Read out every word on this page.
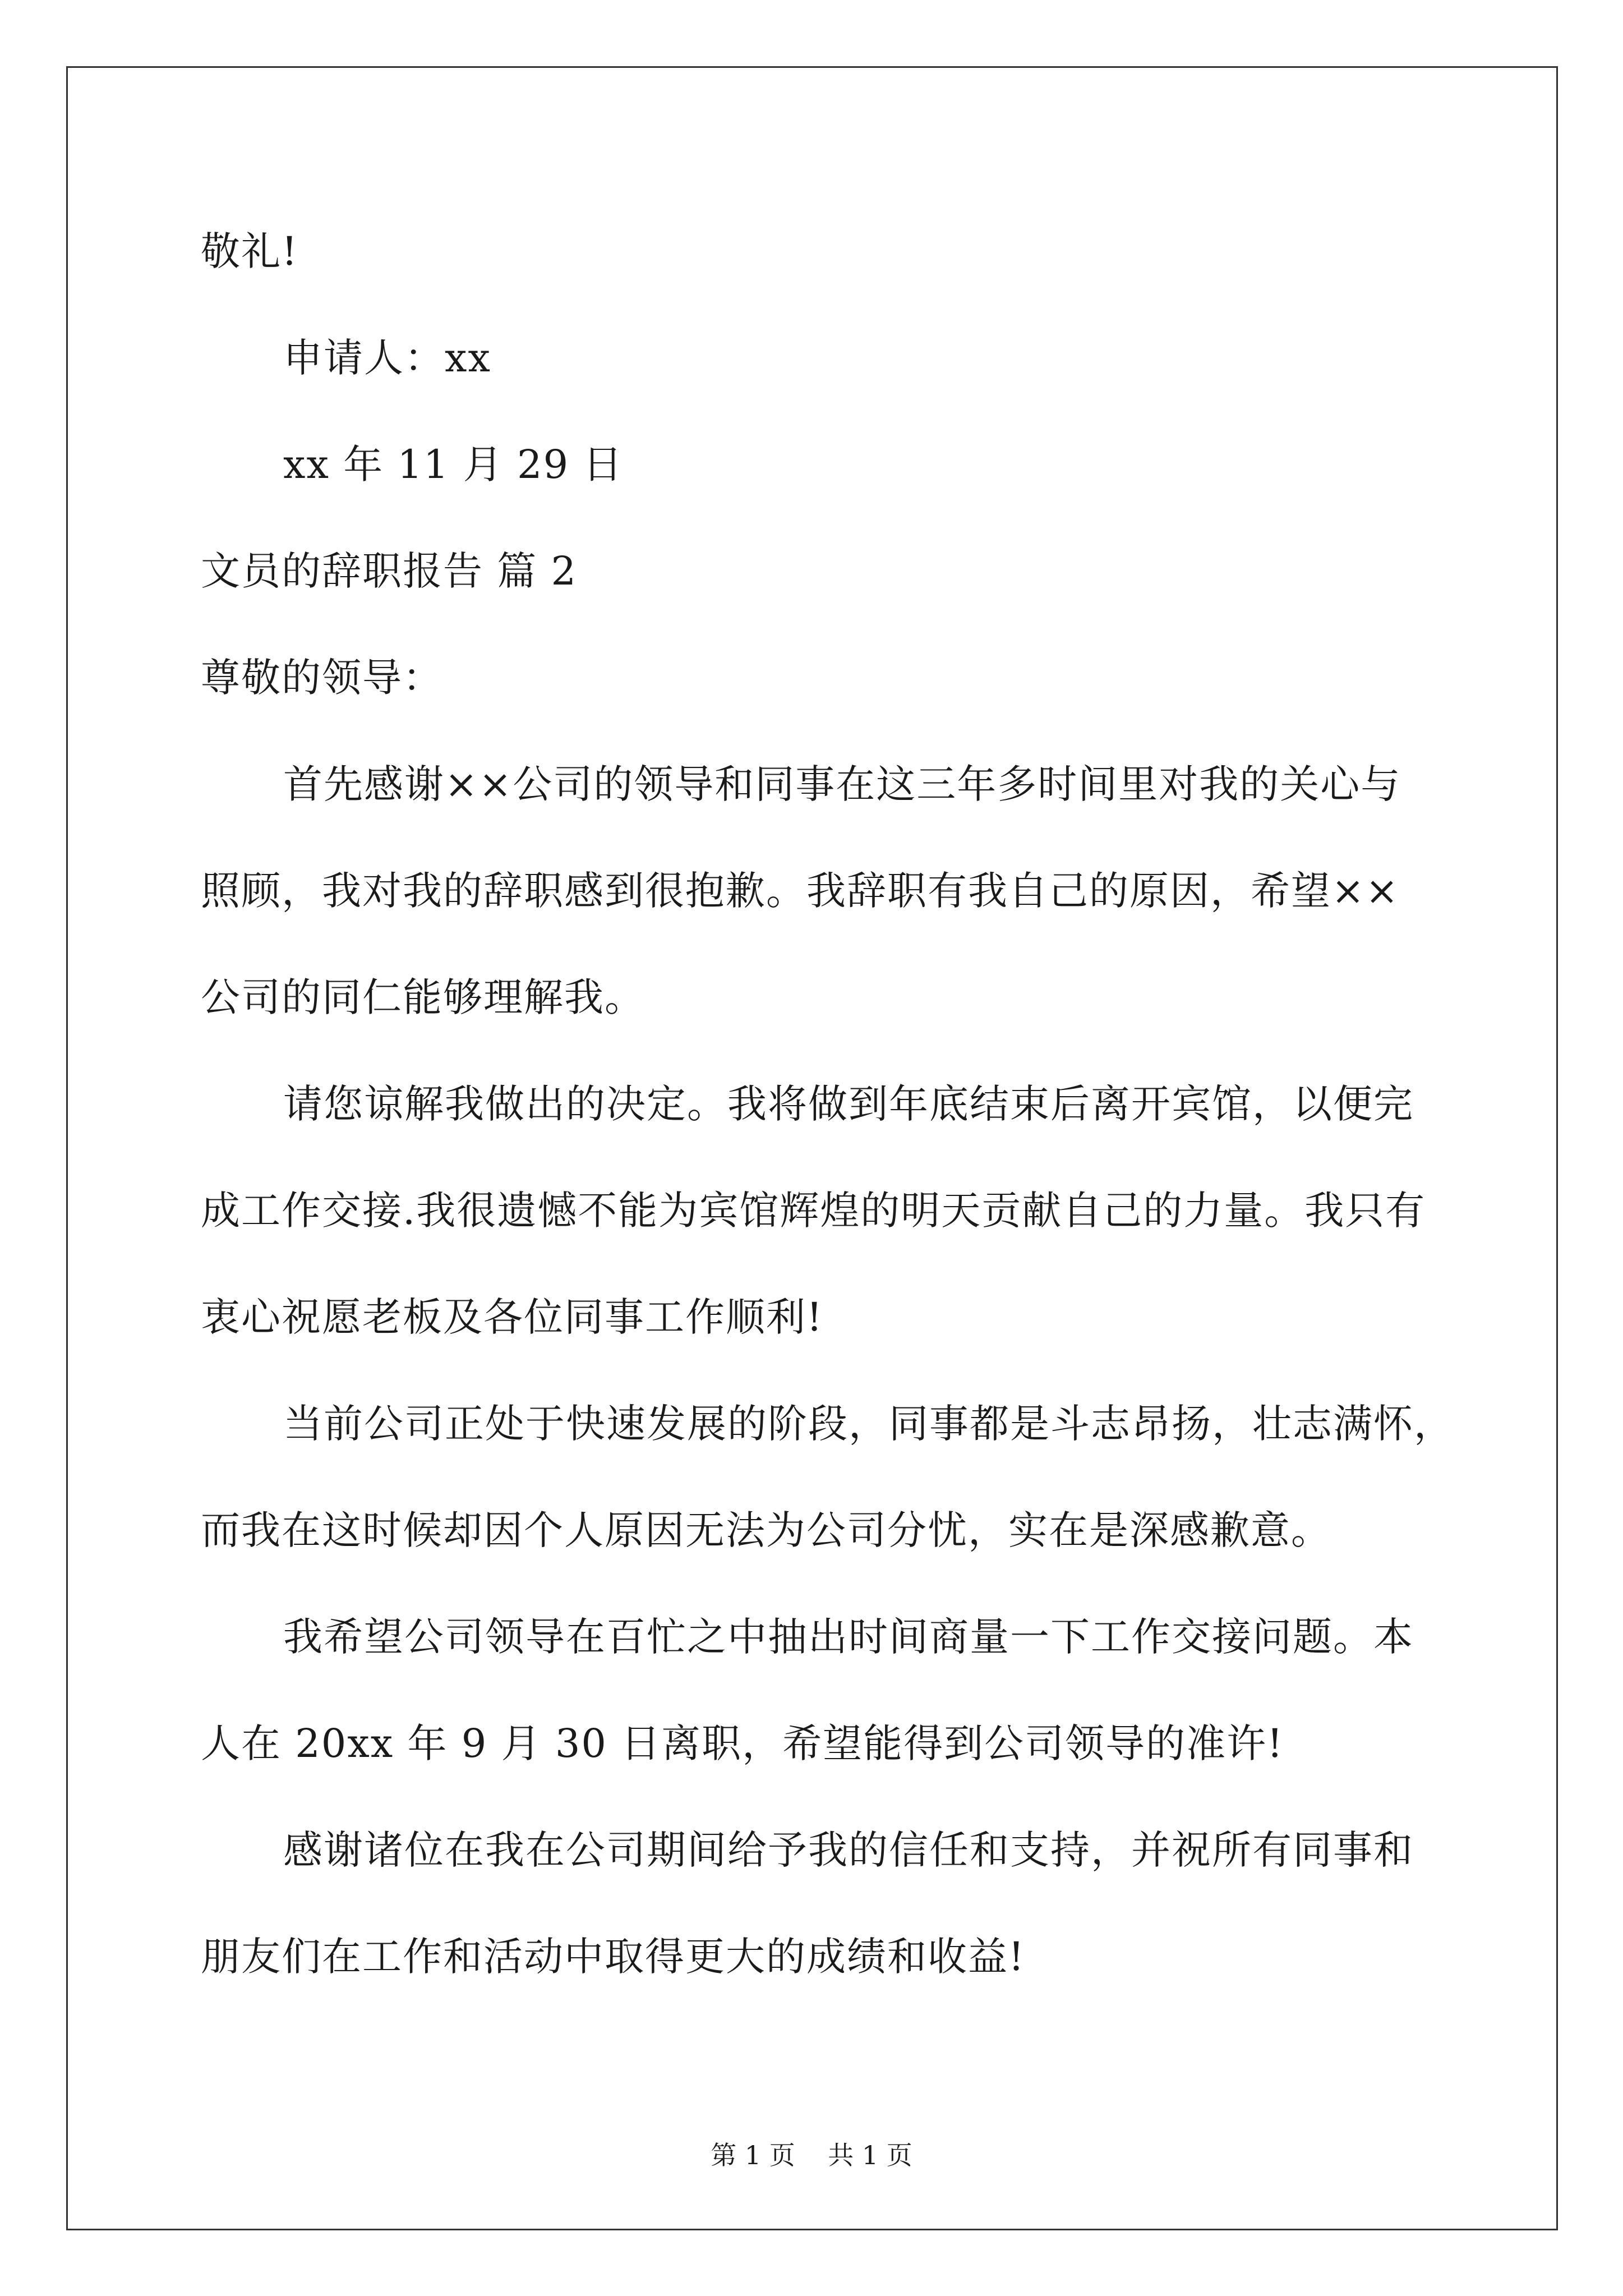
敬礼!
申请人：xx
xx 年 11 月 29 日
文员的辞职报告 篇 2
尊敬的领导：
首先感谢××公司的领导和同事在这三年多时间里对我的关心与
照顾，我对我的辞职感到很抱歉。我辞职有我自己的原因，希望××
公司的同仁能够理解我。
请您谅解我做出的决定。我将做到年底结束后离开宾馆，以便完
成工作交接.我很遗憾不能为宾馆辉煌的明天贡献自己的力量。我只有
衷心祝愿老板及各位同事工作顺利!
当前公司正处于快速发展的阶段，同事都是斗志昂扬，壮志满怀，
而我在这时候却因个人原因无法为公司分忧，实在是深感歉意。
我希望公司领导在百忙之中抽出时间商量一下工作交接问题。本
人在 20xx 年 9 月 30 日离职，希望能得到公司领导的准许!
感谢诸位在我在公司期间给予我的信任和支持，并祝所有同事和
朋友们在工作和活动中取得更大的成绩和收益!
第 1 页    共 1 页
